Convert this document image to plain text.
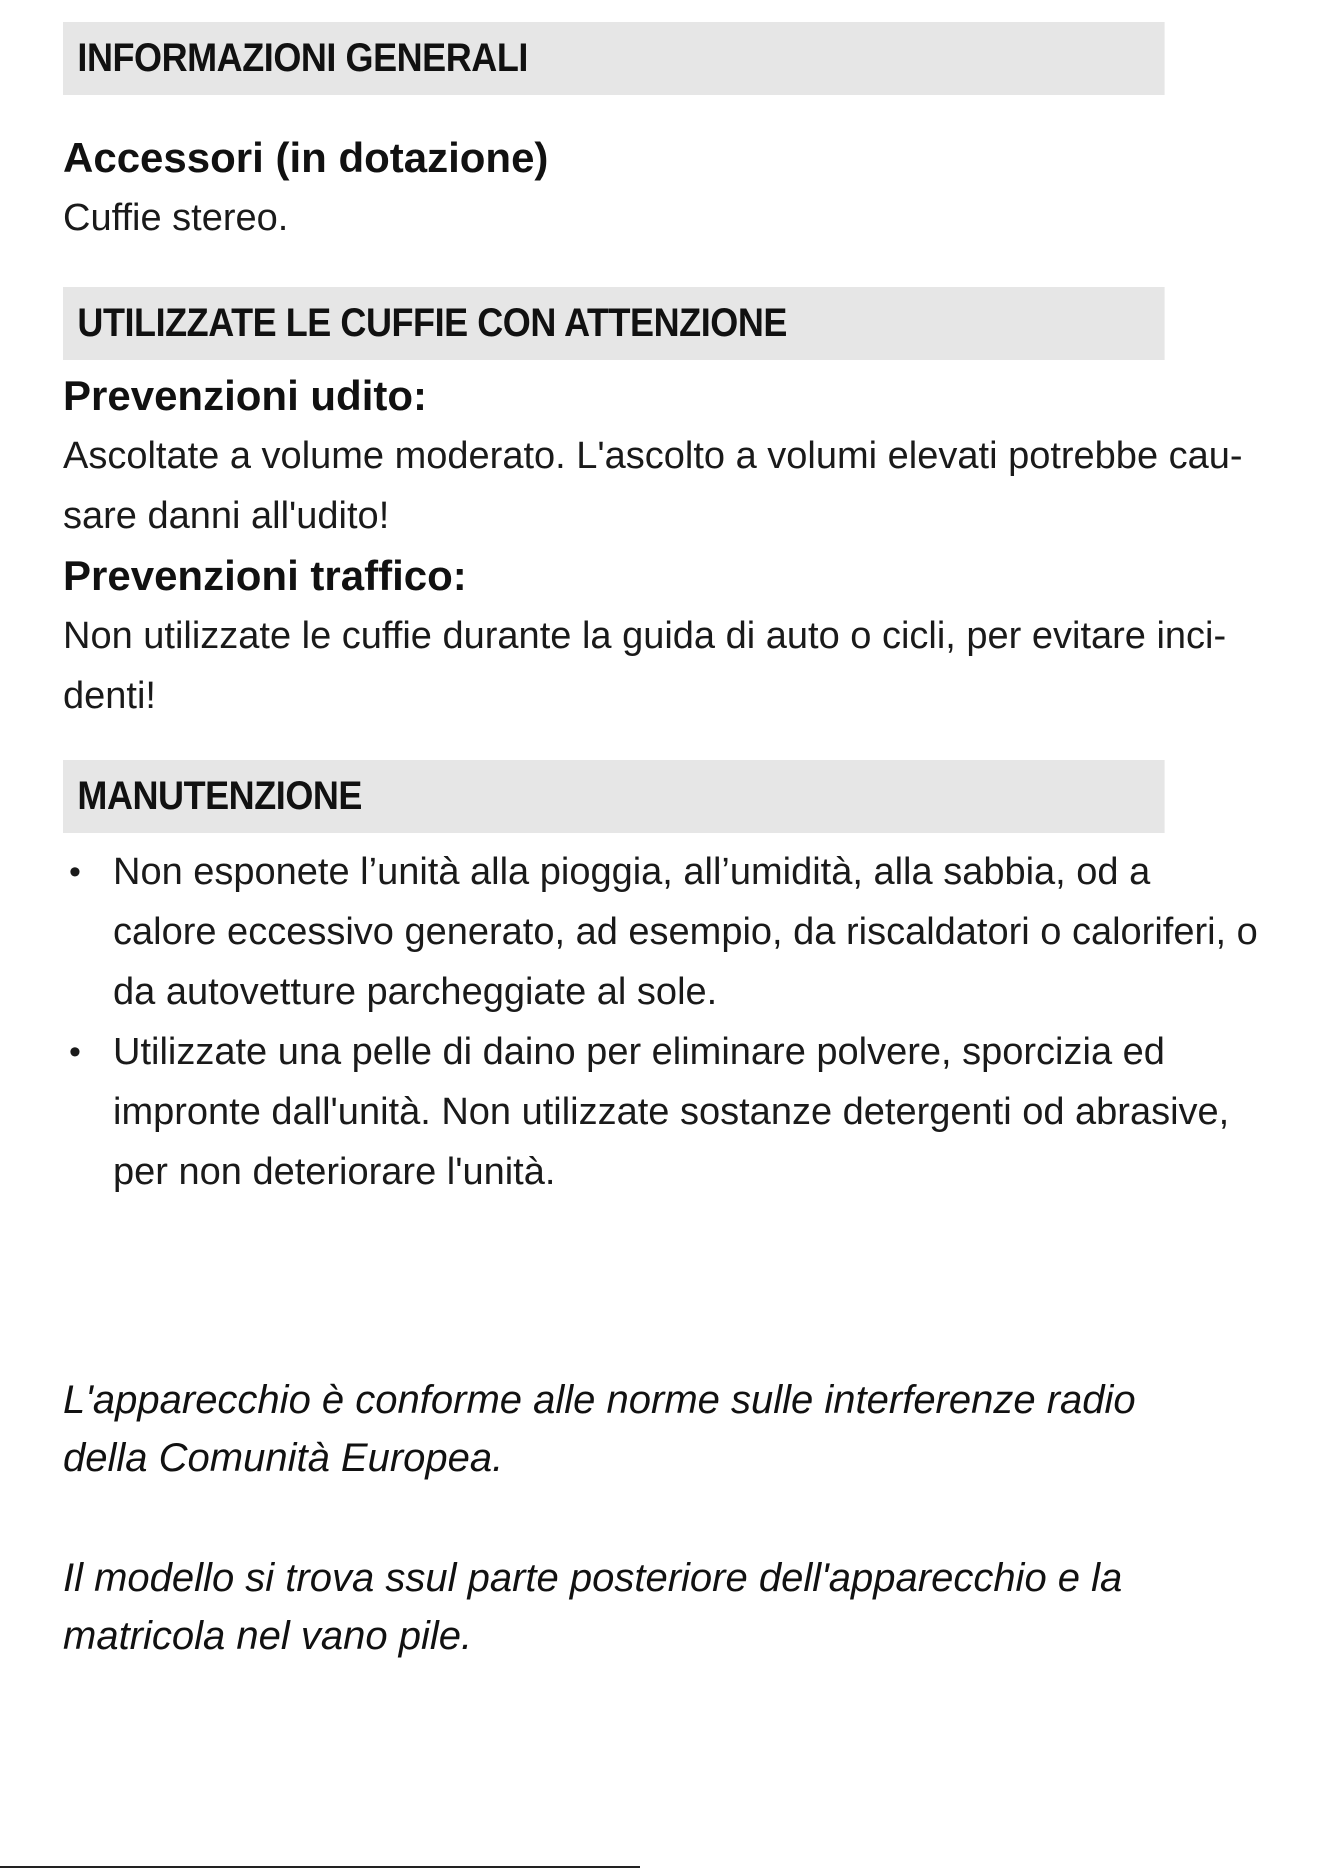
INFORMAZIONI GENERALI
Accessori (in dotazione)
Cuffie stereo.
UTILIZZATE LE CUFFIE CON ATTENZIONE
Prevenzioni udito:
Ascoltate a volume moderato. L'ascolto a volumi elevati potrebbe cau-
sare danni all'udito!
Prevenzioni traffico:
Non utilizzate le cuffie durante la guida di auto o cicli, per evitare inci-
denti!
MANUTENZIONE
• Non esponete l’unità alla pioggia, all’umidità, alla sabbia, od a
calore eccessivo generato, ad esempio, da riscaldatori o caloriferi, o
da autovetture parcheggiate al sole.
• Utilizzate una pelle di daino per eliminare polvere, sporcizia ed
impronte dall'unità. Non utilizzate sostanze detergenti od abrasive,
per non deteriorare l'unità.
L'apparecchio è conforme alle norme sulle interferenze radio
della Comunità Europea.
Il modello si trova ssul parte posteriore dell'apparecchio e la
matricola nel vano pile.
